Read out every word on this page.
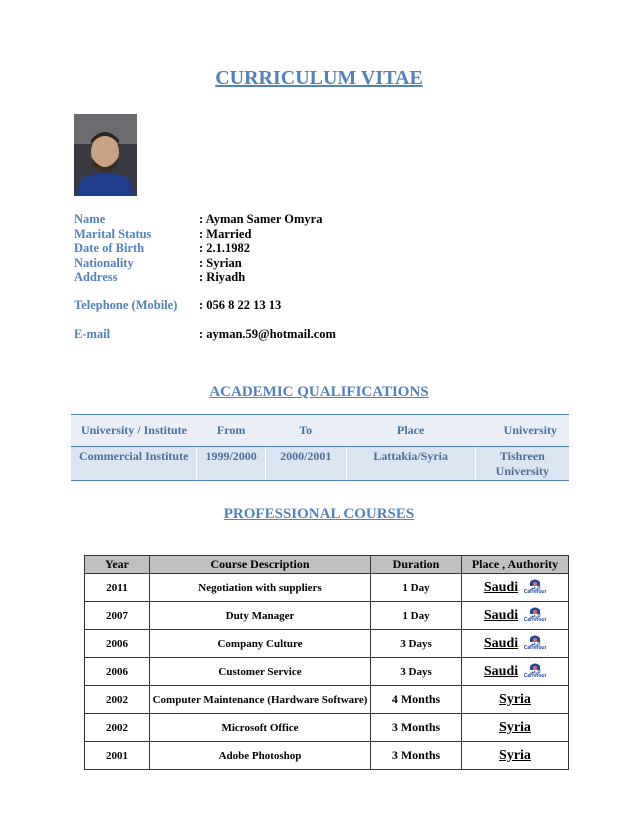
CURRICULUM VITAE
Name	: Ayman Samer Omyra
Marital Status	: Married
Date of Birth	: 2.1.1982
Nationality	: Syrian
Address	: Riyadh
Telephone (Mobile) : 056 8 22 13 13
E-mail	: ayman.59@hotmail.com
ACADEMIC QUALIFICATIONS
University / Institute	From	To	Place	University
Commercial Institute	1999/2000	2000/2001	Lattakia/Syria	Tishreen University
PROFESSIONAL COURSES
Year	Course Description	Duration	Place , Authority
2011	Negotiation with suppliers	1 Day	Saudi كارفور
Carrefour

2007	Duty Manager	1 Day	Saudi كارفور
Carrefour

2006	Company Culture	3 Days	Saudi كارفور
Carrefour

2006	Customer Service	3 Days	Saudi كارفور
Carrefour

2002	Computer Maintenance (Hardware Software)	4 Months	Syria

2002	Microsoft Office	3 Months	Syria

2001	Adobe Photoshop	3 Months	Syria
